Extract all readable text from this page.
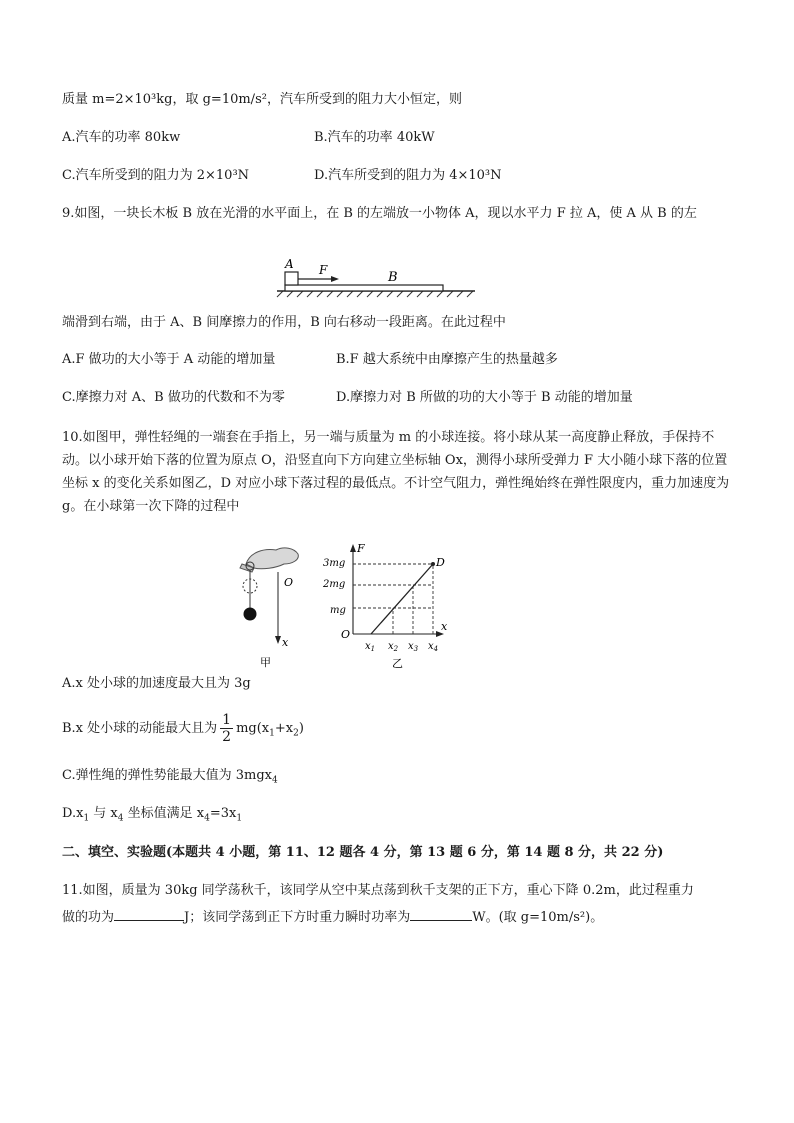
质量 m=2×10³kg，取 g=10m/s²，汽车所受到的阻力大小恒定，则
A.汽车的功率 80kw	B.汽车的功率 40kW
C.汽车所受到的阻力为 2×10³N	D.汽车所受到的阻力为 4×10³N
9.如图，一块长木板 B 放在光滑的水平面上，在 B 的左端放一小物体 A，现以水平力 F 拉 A，使 A 从 B 的左
A F	B
端滑到右端，由于 A、B 间摩擦力的作用，B 向右移动一段距离。在此过程中
A.F 做功的大小等于 A 动能的增加量	B.F 越大系统中由摩擦产生的热量越多
C.摩擦力对 A、B 做功的代数和不为零	D.摩擦力对 B 所做的功的大小等于 B 动能的增加量
10.如图甲，弹性轻绳的一端套在手指上，另一端与质量为 m 的小球连接。将小球从某一高度静止释放，手保持不动。以小球开始下落的位置为原点 O，沿竖直向下方向建立坐标轴 Ox，测得小球所受弹力 F 大小随小球下落的位置坐标 x 的变化关系如图乙，D 对应小球下落过程的最低点。不计空气阻力，弹性绳始终在弹性限度内，重力加速度为 g。在小球第一次下降的过程中
O
x
甲
F
x
O
D
3mg
2mg
mg
$x_1$ $x_2$ $x_3$ $x_4$
乙
A.x 处小球的加速度最大且为 3g
B.x 处小球的动能最大且为 $\frac{1}{2} mg(x_1+x_2)$
C.弹性绳的弹性势能最大值为 3mgx$_4$
$D.x_1$ 与 $x_4$ 坐标值满足 $x_4=3x_1$
二、填空、实验题(本题共 4 小题，第 11、12 题各 4 分，第 13 题 6 分，第 14 题 8 分，共 22 分)
11.如图，质量为 30kg 同学荡秋千，该同学从空中某点荡到秋千支架的正下方，重心下降 0.2m，此过程重力
做的功为	J；该同学荡到正下方时重力瞬时功率为	W。(取 g=10m/s²)。
